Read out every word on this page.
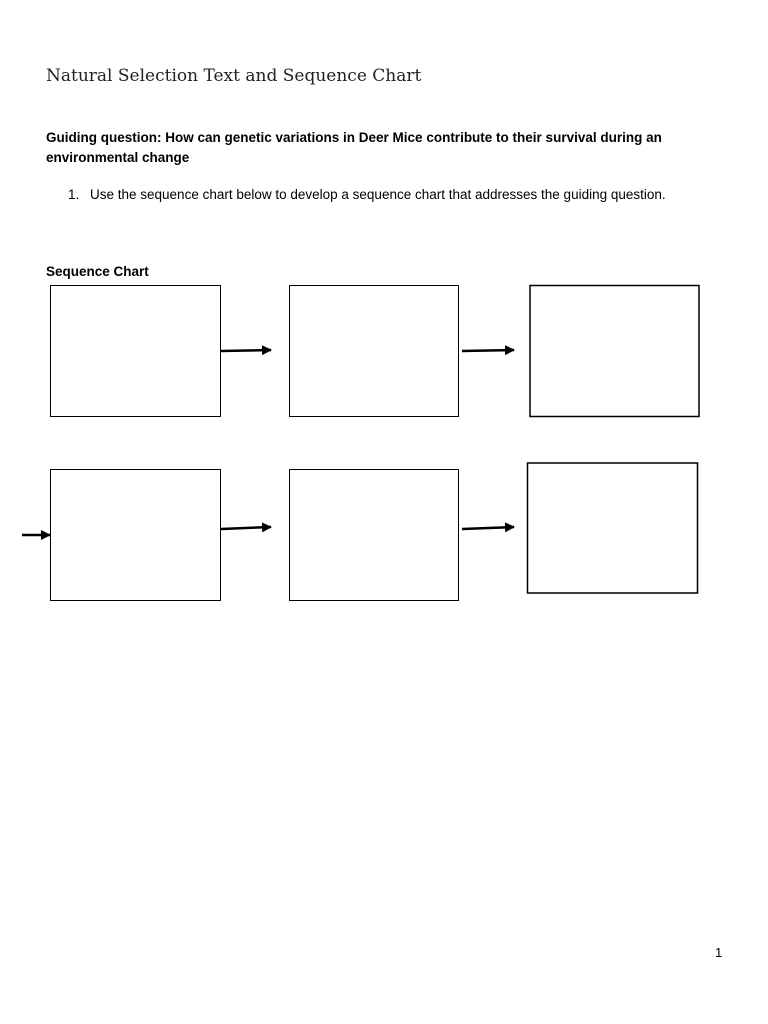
Natural Selection Text and Sequence Chart
Guiding question: How can genetic variations in Deer Mice contribute to their survival during an environmental change
1. Use the sequence chart below to develop a sequence chart that addresses the guiding question.
Sequence Chart
1
